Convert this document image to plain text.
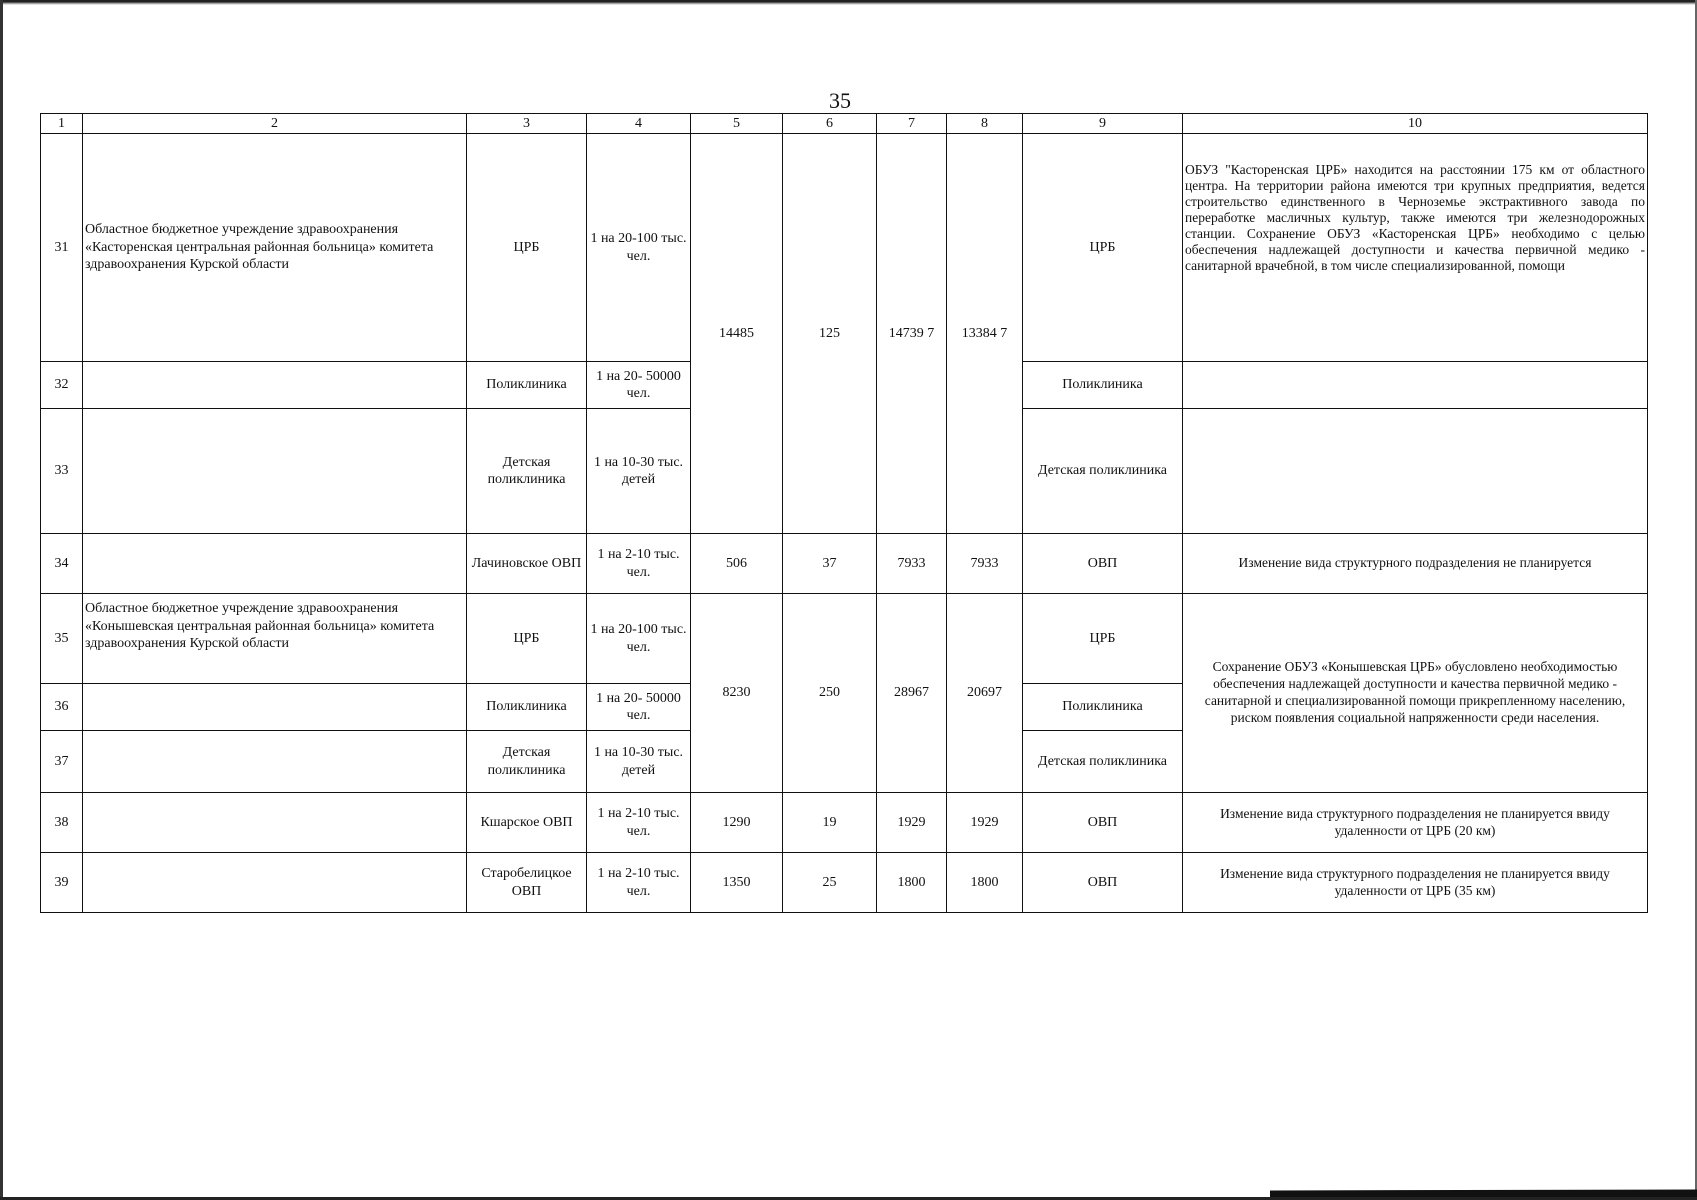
35
1	2	3	4	5	6	7	8	9	10
31	Областное бюджетное учреждение здравоохранения «Касторенская центральная районная больница» комитета здравоохранения Курской области	ЦРБ	1 на 20-100 тыс. чел.	14485	125	14739 7	13384 7	ЦРБ	ОБУЗ "Касторенская ЦРБ» находится на расстоянии 175 км от областного центра. На территории района имеются три крупных предприятия, ведется строительство единственного в Черноземье экстрактивного завода по переработке масличных культур, также имеются три железнодорожных станции. Сохранение ОБУЗ «Касторенская ЦРБ» необходимо с целью обеспечения надлежащей доступности и качества первичной медико - санитарной врачебной, в том числе специализированной, помощи
32		Поликлиника	1 на 20- 50000 чел.					Поликлиника	
33		Детская поликлиника	1 на 10-30 тыс. детей					Детская поликлиника	
34		Лачиновское ОВП	1 на 2-10 тыс. чел.	506	37	7933	7933	ОВП	Изменение вида структурного подразделения не планируется
35	Областное бюджетное учреждение здравоохранения «Конышевская центральная районная больница» комитета здравоохранения Курской области	ЦРБ	1 на 20-100 тыс. чел.	8230	250	28967	20697	ЦРБ	Сохранение ОБУЗ «Конышевская ЦРБ» обусловлено необходимостью обеспечения надлежащей доступности и качества первичной медико - санитарной и специализированной помощи прикрепленному населению, риском появления социальной напряженности среди населения.
36		Поликлиника	1 на 20- 50000 чел.					Поликлиника	
37		Детская поликлиника	1 на 10-30 тыс. детей					Детская поликлиника	
38		Кшарское ОВП	1 на 2-10 тыс. чел.	1290	19	1929	1929	ОВП	Изменение вида структурного подразделения не планируется ввиду удаленности от ЦРБ (20 км)
39		Старобелицкое ОВП	1 на 2-10 тыс. чел.	1350	25	1800	1800	ОВП	Изменение вида структурного подразделения не планируется ввиду удаленности от ЦРБ (35 км)
